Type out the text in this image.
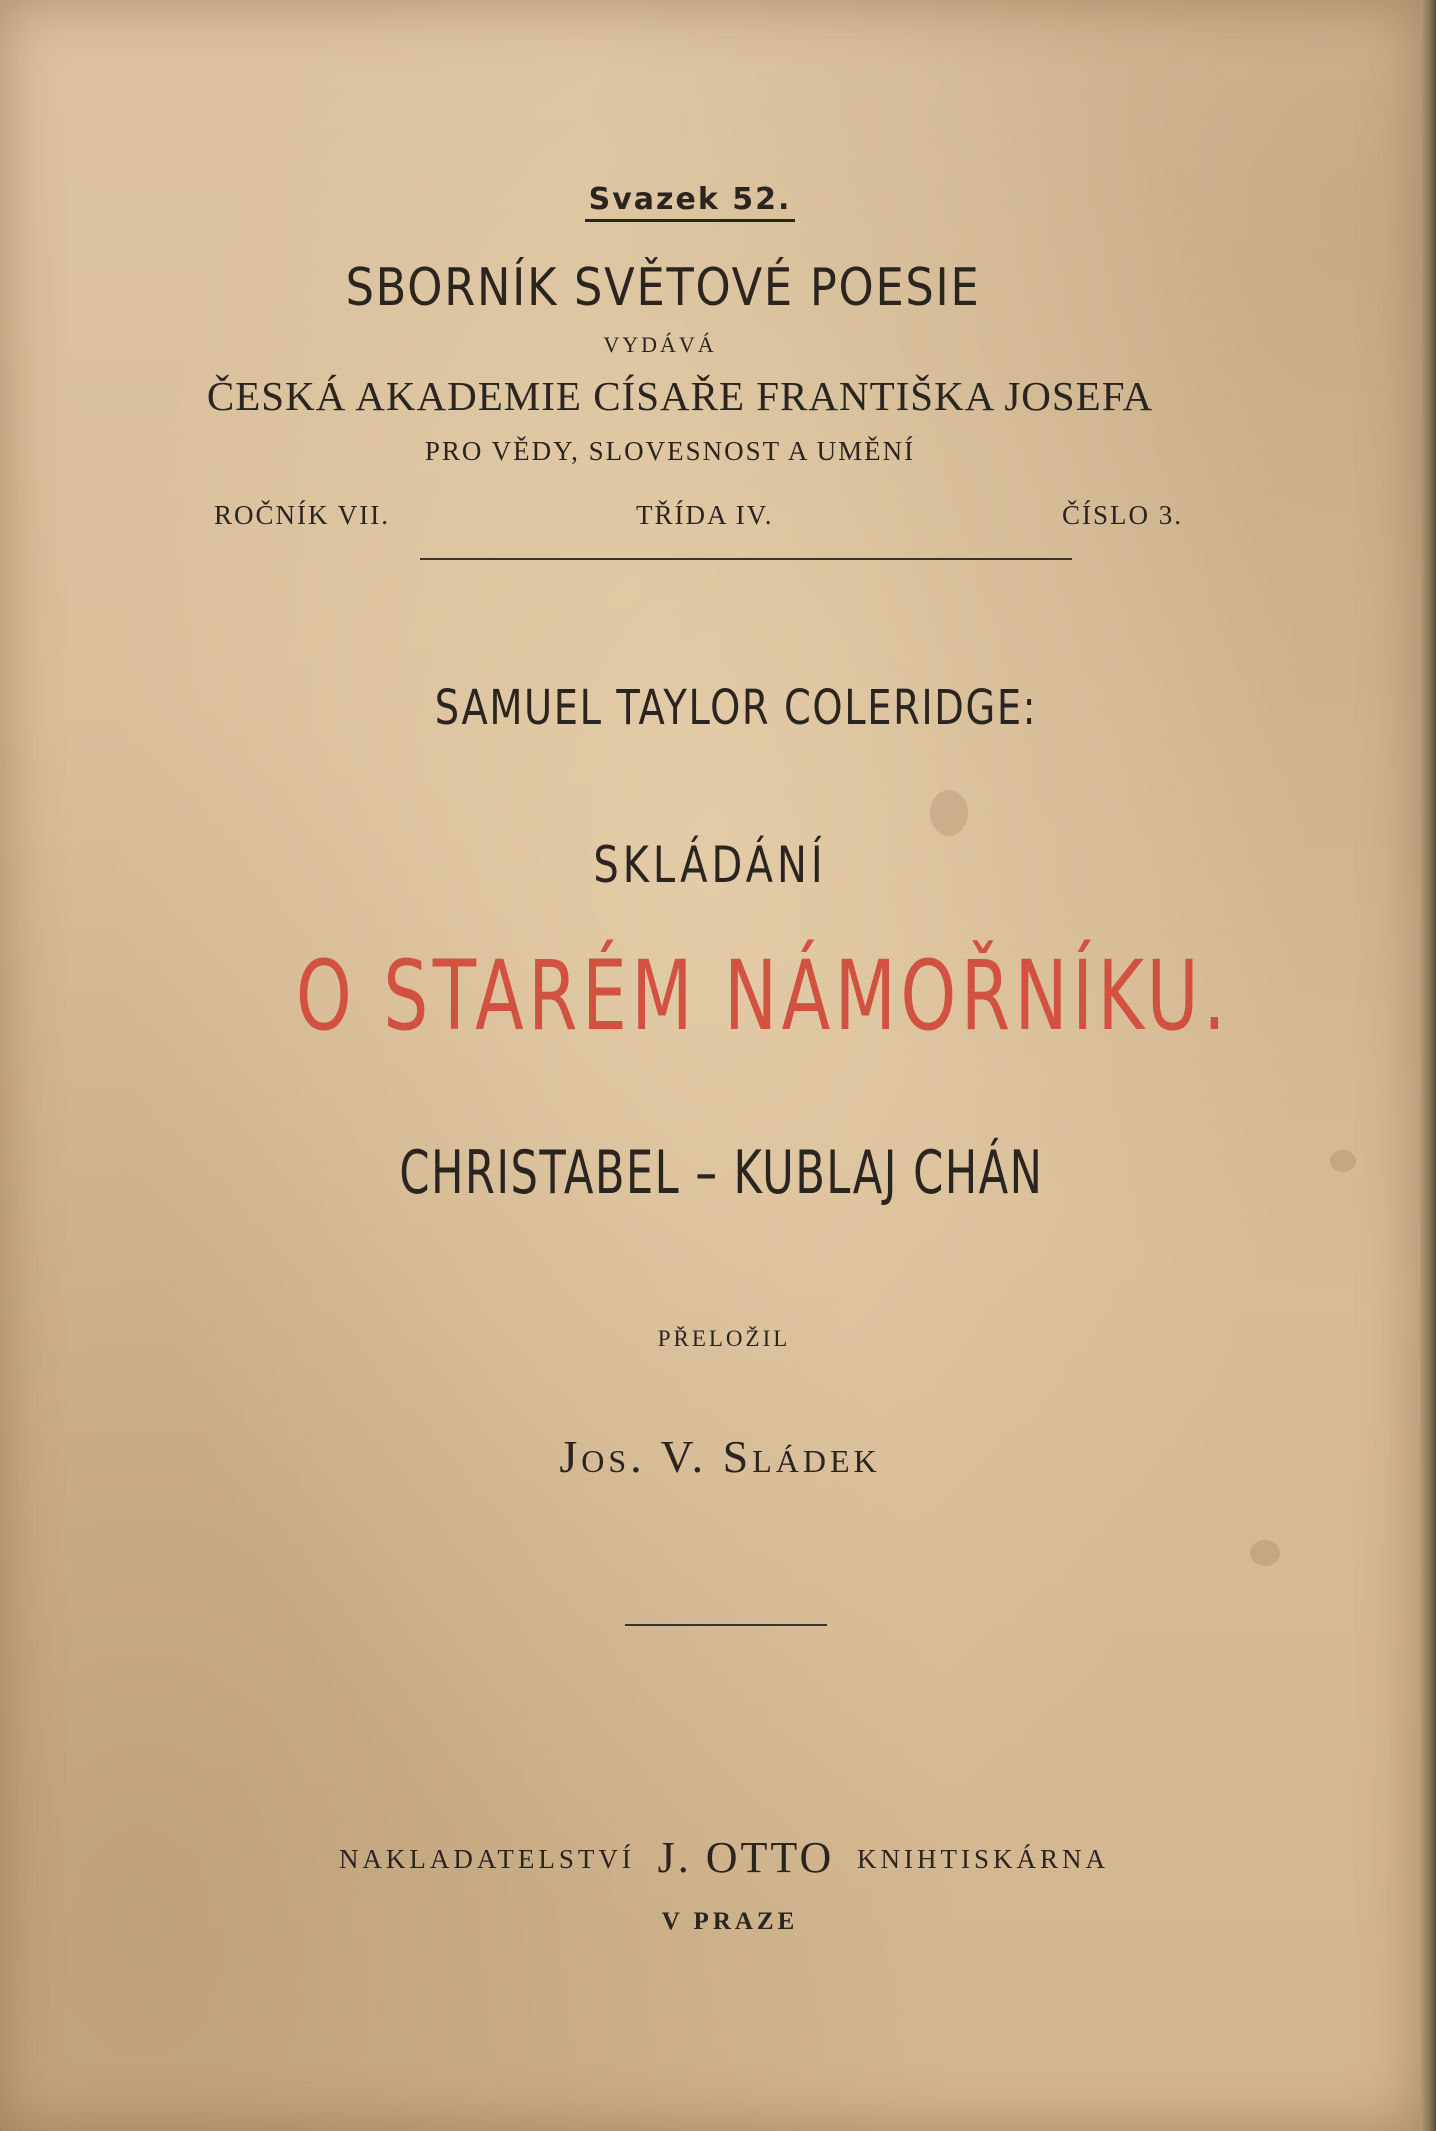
Svazek 52.
SBORNÍK SVĚTOVÉ POESIE
VYDÁVÁ
ČESKÁ AKADEMIE CÍSAŘE FRANTIŠKA JOSEFA
PRO VĚDY, SLOVESNOST A UMĚNÍ
ROČNÍK VII.	TŘÍDA IV.	ČÍSLO 3.
SAMUEL TAYLOR COLERIDGE:
SKLÁDÁNÍ
O STARÉM NÁMOŘNÍKU.
CHRISTABEL – KUBLAJ CHÁN
PŘELOŽIL
Jos. V. Sládek
NAKLADATELSTVÍ J. OTTO KNIHTISKÁRNA
V PRAZE
